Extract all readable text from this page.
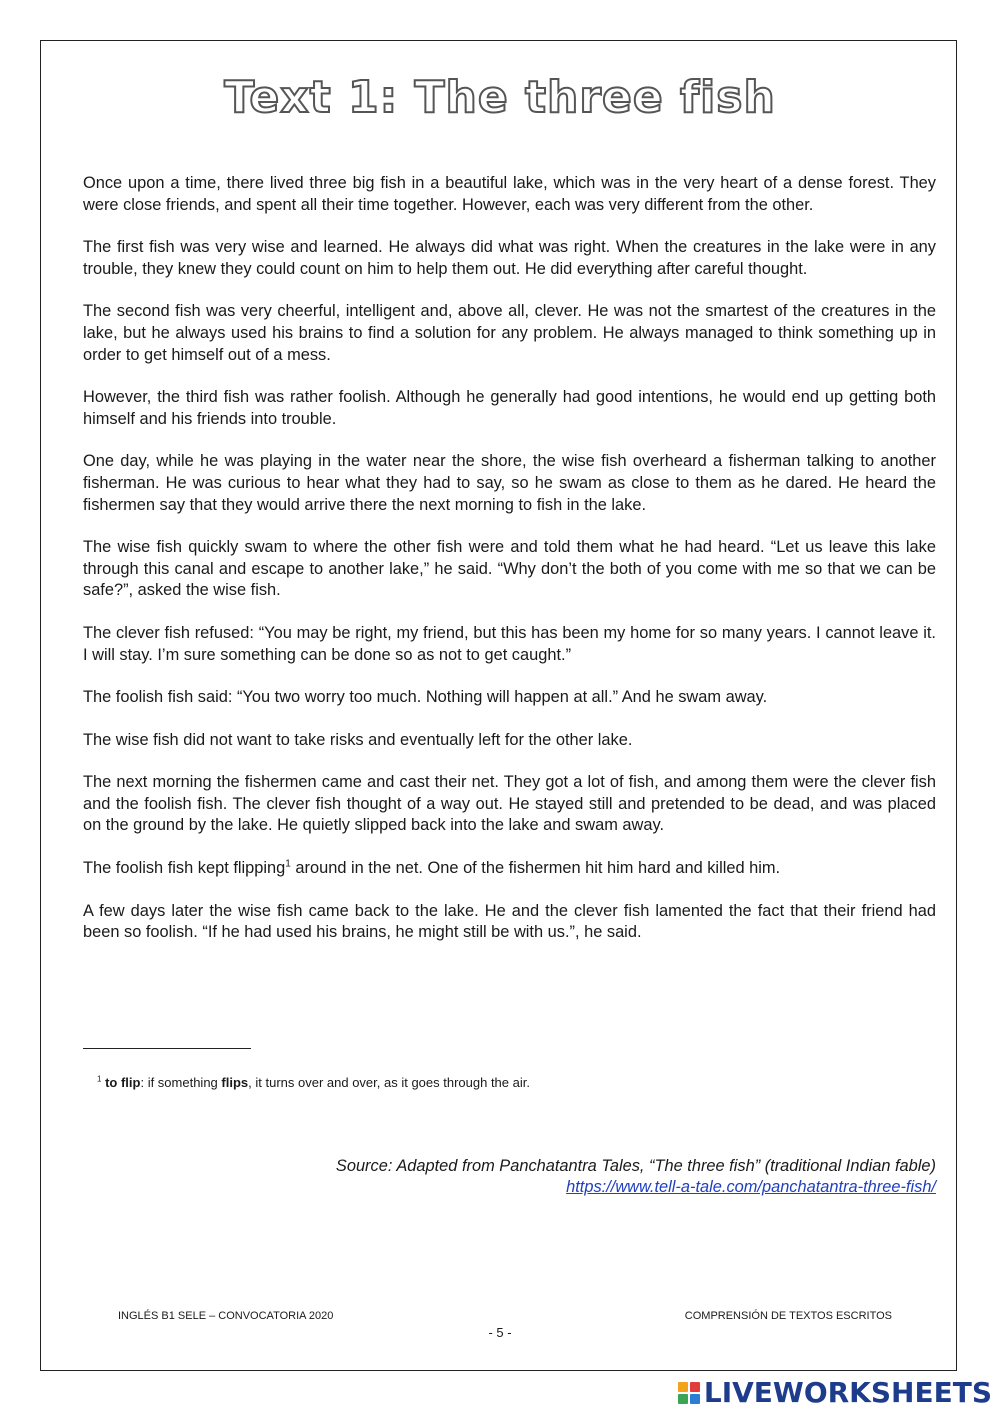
Text 1: The three fish

Once upon a time, there lived three big fish in a beautiful lake, which was in the very heart of a dense forest. They were close friends, and spent all their time together. However, each was very different from the other.

The first fish was very wise and learned. He always did what was right. When the creatures in the lake were in any trouble, they knew they could count on him to help them out. He did everything after careful thought.

The second fish was very cheerful, intelligent and, above all, clever. He was not the smartest of the creatures in the lake, but he always used his brains to find a solution for any problem. He always managed to think something up in order to get himself out of a mess.

However, the third fish was rather foolish. Although he generally had good intentions, he would end up getting both himself and his friends into trouble.

One day, while he was playing in the water near the shore, the wise fish overheard a fisherman talking to another fisherman. He was curious to hear what they had to say, so he swam as close to them as he dared. He heard the fishermen say that they would arrive there the next morning to fish in the lake.

The wise fish quickly swam to where the other fish were and told them what he had heard. “Let us leave this lake through this canal and escape to another lake,” he said. “Why don’t the both of you come with me so that we can be safe?”, asked the wise fish.

The clever fish refused: “You may be right, my friend, but this has been my home for so many years. I cannot leave it. I will stay. I’m sure something can be done so as not to get caught.”

The foolish fish said: “You two worry too much. Nothing will happen at all.” And he swam away.

The wise fish did not want to take risks and eventually left for the other lake.

The next morning the fishermen came and cast their net. They got a lot of fish, and among them were the clever fish and the foolish fish. The clever fish thought of a way out. He stayed still and pretended to be dead, and was placed on the ground by the lake. He quietly slipped back into the lake and swam away.

The foolish fish kept flipping$^1$ around in the net. One of the fishermen hit him hard and killed him.

A few days later the wise fish came back to the lake. He and the clever fish lamented the fact that their friend had been so foolish. “If he had used his brains, he might still be with us.”, he said.

$^1$ to flip: if something flips, it turns over and over, as it goes through the air.
Source: Adapted from Panchatantra Tales, “The three fish” (traditional Indian fable)
https://www.tell-a-tale.com/panchatantra-three-fish/
INGLÉS B1 SELE – CONVOCATORIA 2020	COMPRENSIÓN DE TEXTOS ESCRITOS
- 5 -
LIVEWORKSHEETS
